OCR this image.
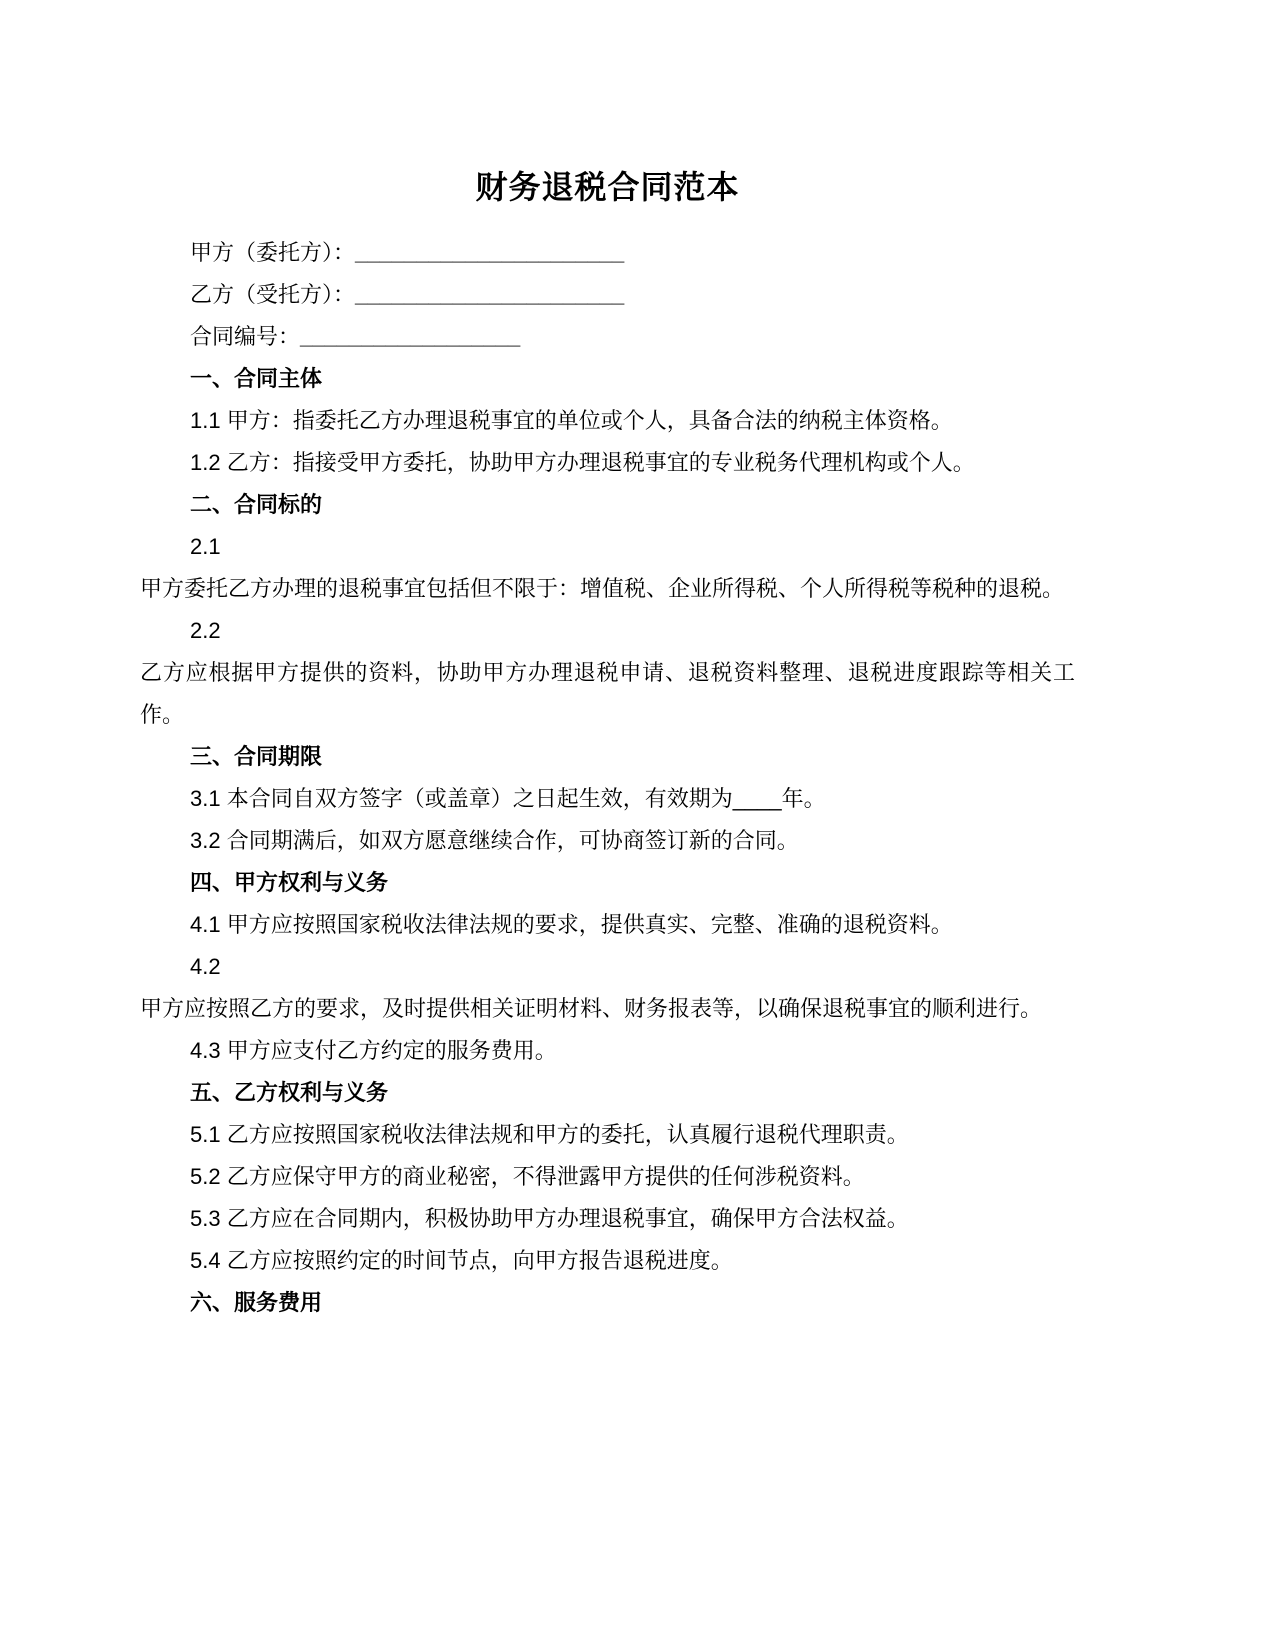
财务退税合同范本

甲方（委托方）：______________________

乙方（受托方）：______________________

合同编号：__________________

一、合同主体

1.1 甲方：指委托乙方办理退税事宜的单位或个人，具备合法的纳税主体资格。

1.2 乙方：指接受甲方委托，协助甲方办理退税事宜的专业税务代理机构或个人。

二、合同标的

2.1

甲方委托乙方办理的退税事宜包括但不限于：增值税、企业所得税、个人所得税等税种的退税。

2.2

乙方应根据甲方提供的资料，协助甲方办理退税申请、退税资料整理、退税进度跟踪等相关工作。

三、合同期限

3.1 本合同自双方签字（或盖章）之日起生效，有效期为____年。

3.2 合同期满后，如双方愿意继续合作，可协商签订新的合同。

四、甲方权利与义务

4.1 甲方应按照国家税收法律法规的要求，提供真实、完整、准确的退税资料。

4.2

甲方应按照乙方的要求，及时提供相关证明材料、财务报表等，以确保退税事宜的顺利进行。

4.3 甲方应支付乙方约定的服务费用。

五、乙方权利与义务

5.1 乙方应按照国家税收法律法规和甲方的委托，认真履行退税代理职责。

5.2 乙方应保守甲方的商业秘密，不得泄露甲方提供的任何涉税资料。

5.3 乙方应在合同期内，积极协助甲方办理退税事宜，确保甲方合法权益。

5.4 乙方应按照约定的时间节点，向甲方报告退税进度。

六、服务费用
